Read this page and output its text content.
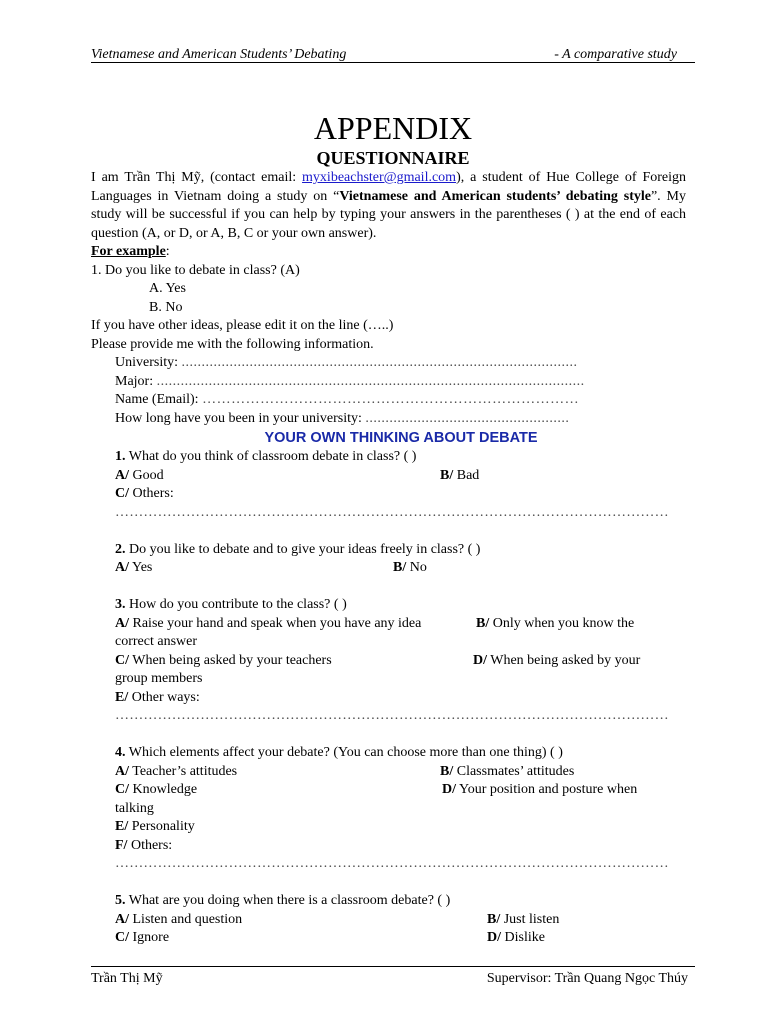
Vietnamese and American Students’ Debating	- A comparative study
APPENDIX
QUESTIONNAIRE
I am Trần Thị Mỹ, (contact email: myxibeachster@gmail.com), a student of Hue College of Foreign Languages in Vietnam doing a study on “Vietnamese and American students’ debating style”. My study will be successful if you can help by typing your answers in the parentheses ( ) at the end of each question (A, or D, or A, B, C or your own answer).
For example:
1. Do you like to debate in class? (A)
A. Yes
B. No
If you have other ideas, please edit it on the line (…..)
Please provide me with the following information.
University: ...................................................................................................
Major: ...........................................................................................................
Name (Email): ……………………………………………………………………
How long have you been in your university: ...................................................
YOUR OWN THINKING ABOUT DEBATE
1. What do you think of classroom debate in class? ( )
A/ Good	B/ Bad
C/ Others:
………………………………………………………………………………………………………
2. Do you like to debate and to give your ideas freely in class? ( )
A/ Yes	B/ No
3. How do you contribute to the class? ( )
A/ Raise your hand and speak when you have any idea	B/ Only when you know the
correct answer
C/ When being asked by your teachers	D/ When being asked by your
group members
E/ Other ways:
………………………………………………………………………………………………………
4. Which elements affect your debate? (You can choose more than one thing) ( )
A/ Teacher’s attitudes	B/ Classmates’ attitudes
C/ Knowledge	D/ Your position and posture when
talking
E/ Personality
F/ Others:
………………………………………………………………………………………………………
5. What are you doing when there is a classroom debate? ( )
A/ Listen and question	B/ Just listen
C/ Ignore	D/ Dislike
Trần Thị Mỹ	Supervisor: Trần Quang Ngọc Thúy
